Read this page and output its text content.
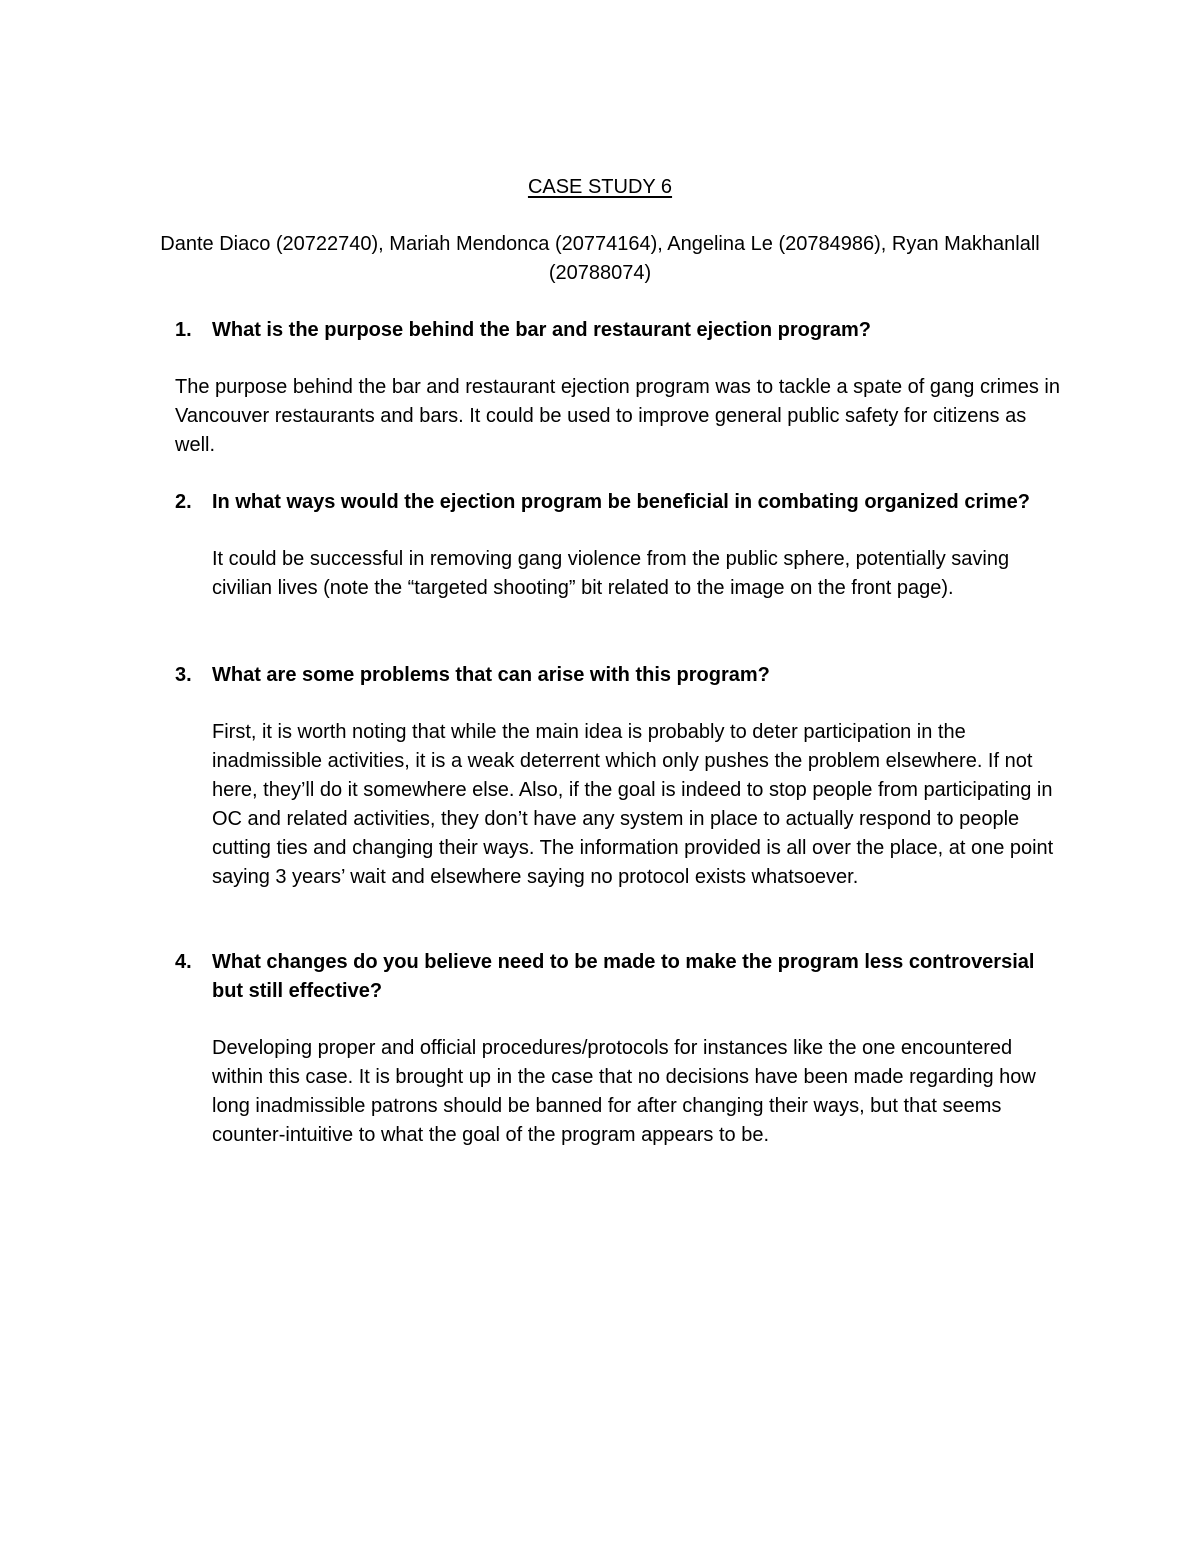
CASE STUDY 6
Dante Diaco (20722740), Mariah Mendonca (20774164), Angelina Le (20784986), Ryan Makhanlall (20788074)
1. What is the purpose behind the bar and restaurant ejection program?
The purpose behind the bar and restaurant ejection program was to tackle a spate of gang crimes in Vancouver restaurants and bars. It could be used to improve general public safety for citizens as well.
2. In what ways would the ejection program be beneficial in combating organized crime?
It could be successful in removing gang violence from the public sphere, potentially saving civilian lives (note the “targeted shooting” bit related to the image on the front page).
3. What are some problems that can arise with this program?
First, it is worth noting that while the main idea is probably to deter participation in the inadmissible activities, it is a weak deterrent which only pushes the problem elsewhere. If not here, they’ll do it somewhere else. Also, if the goal is indeed to stop people from participating in OC and related activities, they don’t have any system in place to actually respond to people cutting ties and changing their ways. The information provided is all over the place, at one point saying 3 years’ wait and elsewhere saying no protocol exists whatsoever.
4. What changes do you believe need to be made to make the program less controversial but still effective?
Developing proper and official procedures/protocols for instances like the one encountered within this case. It is brought up in the case that no decisions have been made regarding how long inadmissible patrons should be banned for after changing their ways, but that seems counter-intuitive to what the goal of the program appears to be.
